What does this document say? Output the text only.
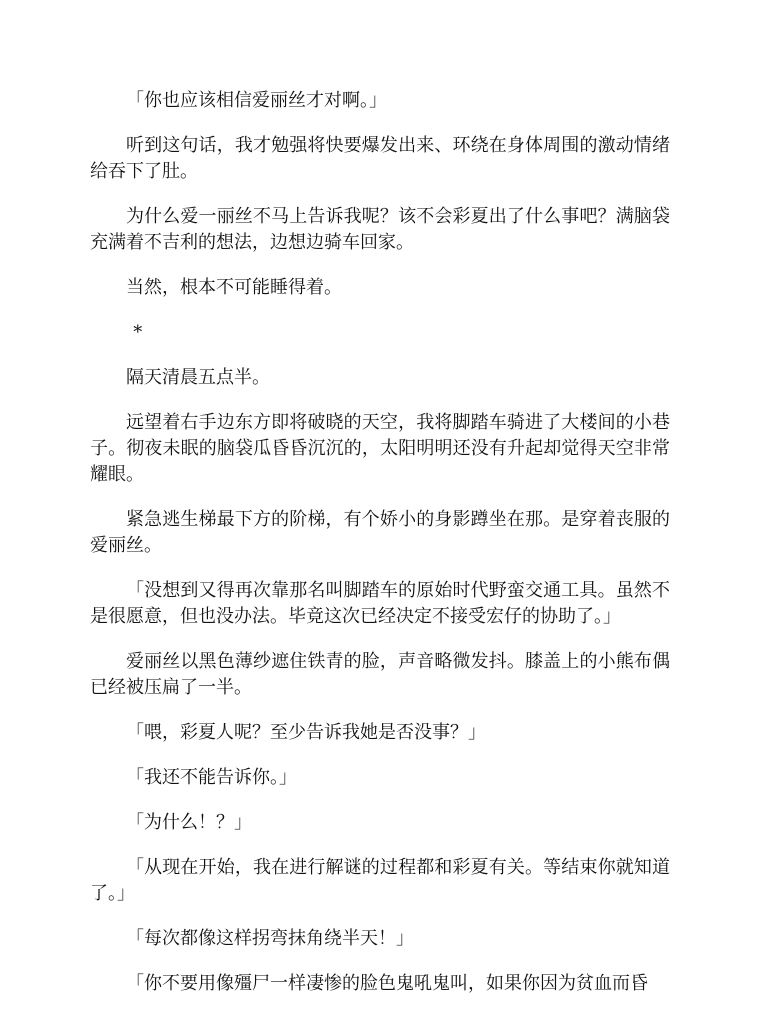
「你也应该相信爱丽丝才对啊。」

听到这句话，我才勉强将快要爆发出来、环绕在身体周围的激动情绪给吞下了肚。

为什么爱一丽丝不马上告诉我呢？该不会彩夏出了什么事吧？满脑袋充满着不吉利的想法，边想边骑车回家。

当然，根本不可能睡得着。

*

隔天清晨五点半。

远望着右手边东方即将破晓的天空，我将脚踏车骑进了大楼间的小巷子。彻夜未眠的脑袋瓜昏昏沉沉的，太阳明明还没有升起却觉得天空非常耀眼。

紧急逃生梯最下方的阶梯，有个娇小的身影蹲坐在那。是穿着丧服的爱丽丝。

「没想到又得再次靠那名叫脚踏车的原始时代野蛮交通工具。虽然不是很愿意，但也没办法。毕竟这次已经决定不接受宏仔的协助了。」

爱丽丝以黑色薄纱遮住铁青的脸，声音略微发抖。膝盖上的小熊布偶已经被压扁了一半。

「喂，彩夏人呢？至少告诉我她是否没事？」

「我还不能告诉你。」

「为什么！？」

「从现在开始，我在进行解谜的过程都和彩夏有关。等结束你就知道了。」

「每次都像这样拐弯抹角绕半天！」

「你不要用像殭尸一样凄惨的脸色鬼吼鬼叫，如果你因为贫血而昏
